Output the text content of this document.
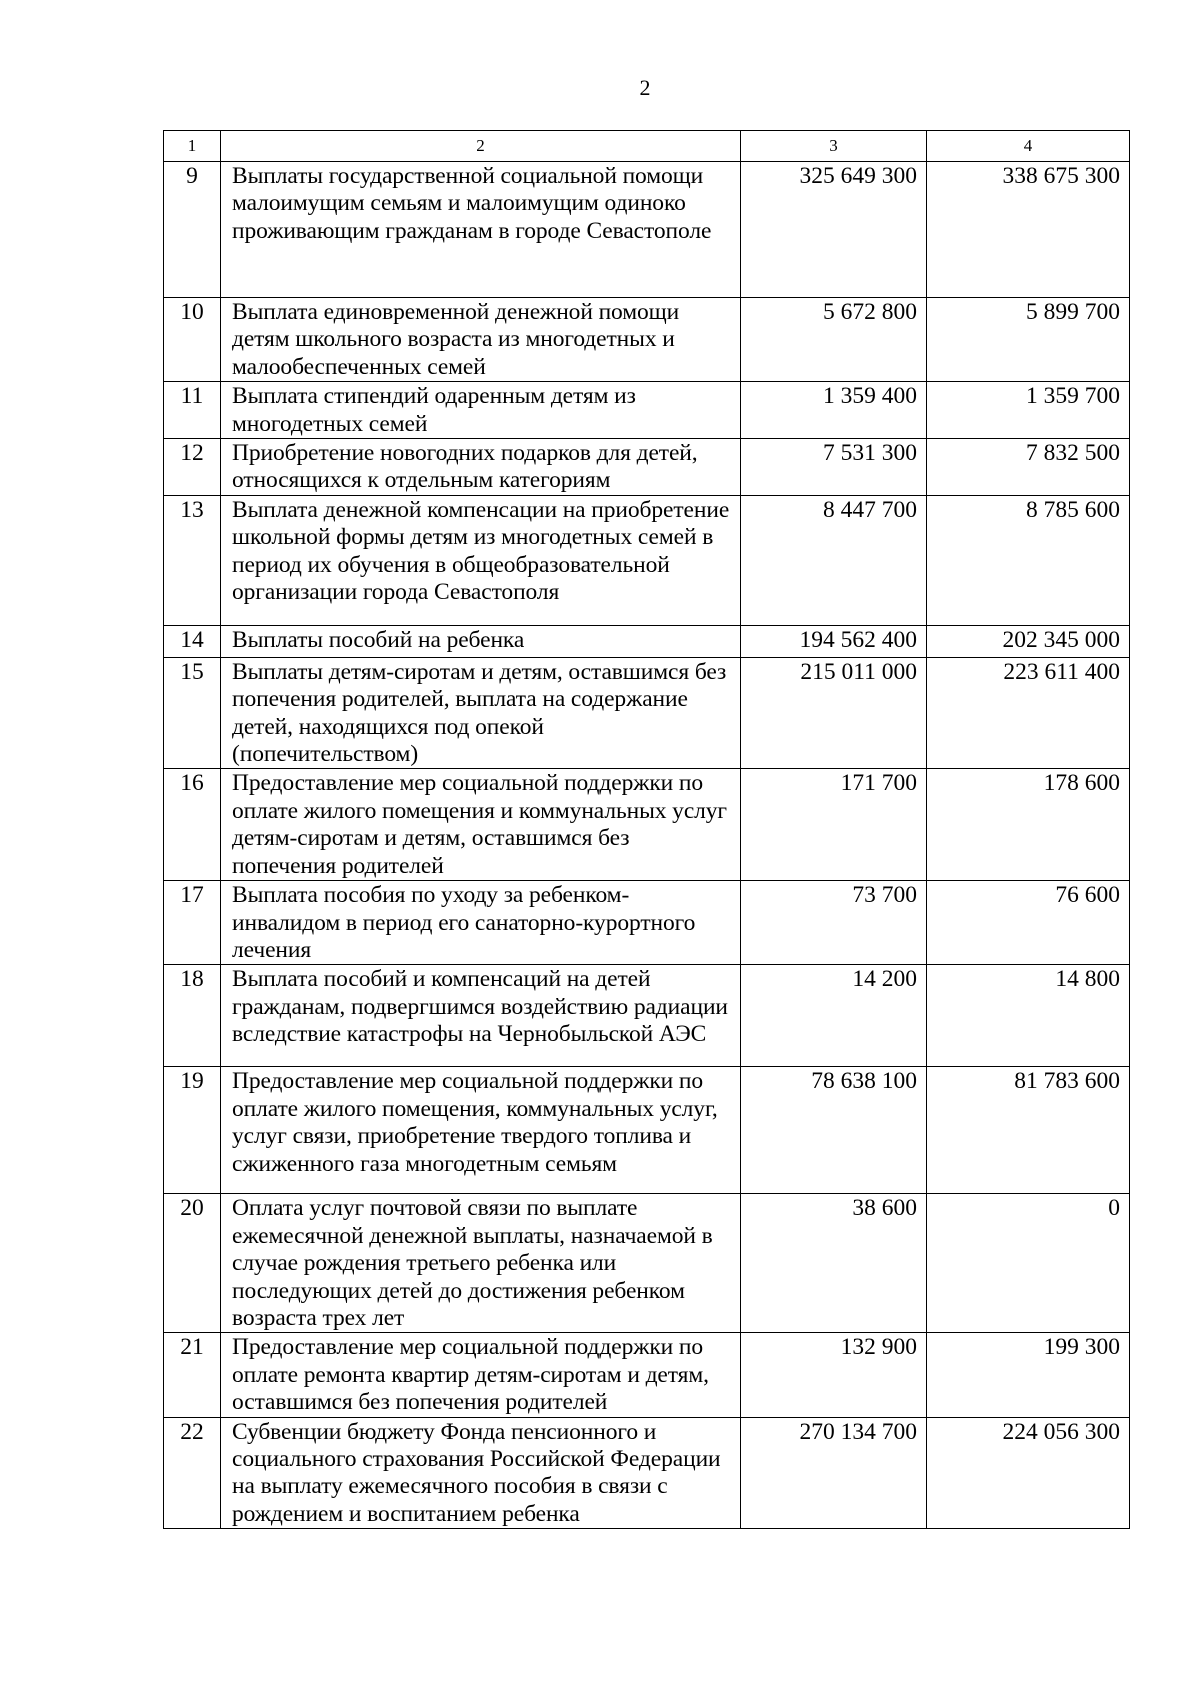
2
1	2	3	4
9	Выплаты государственной социальной помощи малоимущим семьям и малоимущим одиноко проживающим гражданам в городе Севастополе	325 649 300	338 675 300
10	Выплата единовременной денежной помощи детям школьного возраста из многодетных и малообеспеченных семей	5 672 800	5 899 700
11	Выплата стипендий одаренным детям из многодетных семей	1 359 400	1 359 700
12	Приобретение новогодних подарков для детей, относящихся к отдельным категориям	7 531 300	7 832 500
13	Выплата денежной компенсации на приобретение школьной формы детям из многодетных семей в период их обучения в общеобразовательной организации города Севастополя	8 447 700	8 785 600
14	Выплаты пособий на ребенка	194 562 400	202 345 000
15	Выплаты детям-сиротам и детям, оставшимся без попечения родителей, выплата на содержание детей, находящихся под опекой (попечительством)	215 011 000	223 611 400
16	Предоставление мер социальной поддержки по оплате жилого помещения и коммунальных услуг детям-сиротам и детям, оставшимся без попечения родителей	171 700	178 600
17	Выплата пособия по уходу за ребенком-инвалидом в период его санаторно-курортного лечения	73 700	76 600
18	Выплата пособий и компенсаций на детей гражданам, подвергшимся воздействию радиации вследствие катастрофы на Чернобыльской АЭС	14 200	14 800
19	Предоставление мер социальной поддержки по оплате жилого помещения, коммунальных услуг, услуг связи, приобретение твердого топлива и сжиженного газа многодетным семьям	78 638 100	81 783 600
20	Оплата услуг почтовой связи по выплате ежемесячной денежной выплаты, назначаемой в случае рождения третьего ребенка или последующих детей до достижения ребенком возраста трех лет	38 600	0
21	Предоставление мер социальной поддержки по оплате ремонта квартир детям-сиротам и детям, оставшимся без попечения родителей	132 900	199 300
22	Субвенции бюджету Фонда пенсионного и социального страхования Российской Федерации на выплату ежемесячного пособия в связи с рождением и воспитанием ребенка	270 134 700	224 056 300
